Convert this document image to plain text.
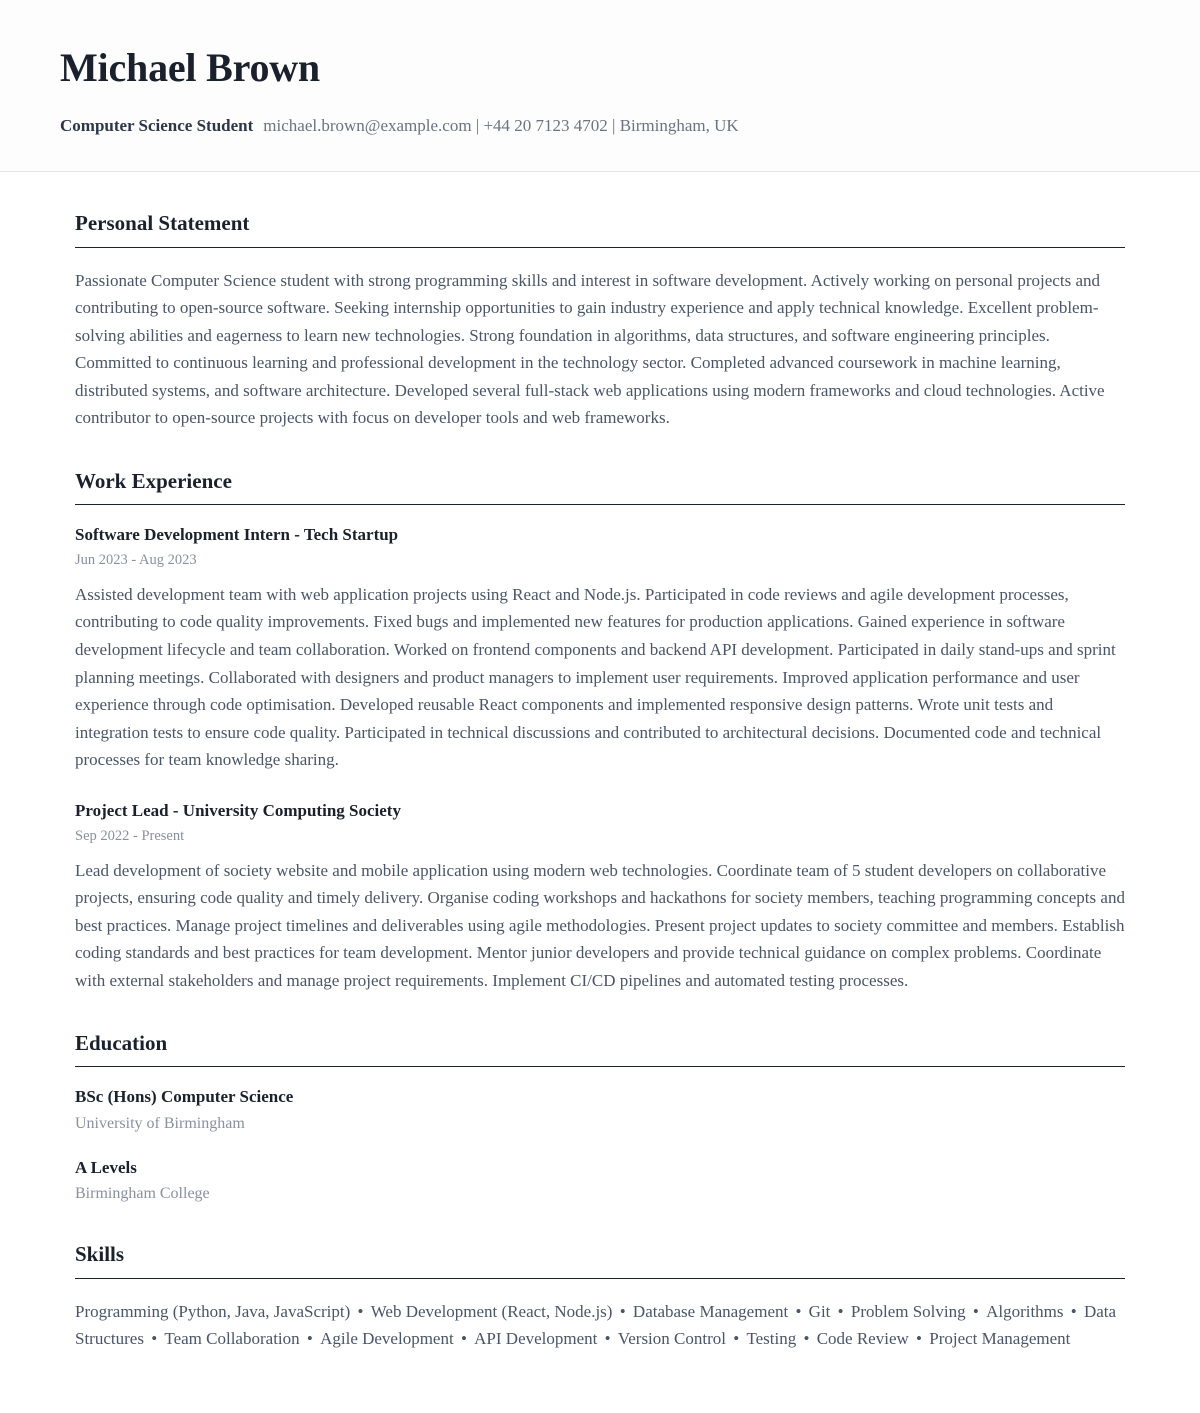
Michael Brown
Computer Science Student michael.brown@example.com | +44 20 7123 4702 | Birmingham, UK
Personal Statement

Passionate Computer Science student with strong programming skills and interest in software development. Actively working on personal projects and contributing to open-source software. Seeking internship opportunities to gain industry experience and apply technical knowledge. Excellent problem-solving abilities and eagerness to learn new technologies. Strong foundation in algorithms, data structures, and software engineering principles. Committed to continuous learning and professional development in the technology sector. Completed advanced coursework in machine learning, distributed systems, and software architecture. Developed several full-stack web applications using modern frameworks and cloud technologies. Active contributor to open-source projects with focus on developer tools and web frameworks.

Work Experience
Software Development Intern - Tech Startup
Jun 2023 - Aug 2023

Assisted development team with web application projects using React and Node.js. Participated in code reviews and agile development processes, contributing to code quality improvements. Fixed bugs and implemented new features for production applications. Gained experience in software development lifecycle and team collaboration. Worked on frontend components and backend API development. Participated in daily stand-ups and sprint planning meetings. Collaborated with designers and product managers to implement user requirements. Improved application performance and user experience through code optimisation. Developed reusable React components and implemented responsive design patterns. Wrote unit tests and integration tests to ensure code quality. Participated in technical discussions and contributed to architectural decisions. Documented code and technical processes for team knowledge sharing.

Project Lead - University Computing Society
Sep 2022 - Present

Lead development of society website and mobile application using modern web technologies. Coordinate team of 5 student developers on collaborative projects, ensuring code quality and timely delivery. Organise coding workshops and hackathons for society members, teaching programming concepts and best practices. Manage project timelines and deliverables using agile methodologies. Present project updates to society committee and members. Establish coding standards and best practices for team development. Mentor junior developers and provide technical guidance on complex problems. Coordinate with external stakeholders and manage project requirements. Implement CI/CD pipelines and automated testing processes.

Education
BSc (Hons) Computer Science
University of Birmingham
A Levels
Birmingham College
Skills

Programming (Python, Java, JavaScript) • Web Development (React, Node.js) • Database Management • Git • Problem Solving • Algorithms • Data Structures • Team Collaboration • Agile Development • API Development • Version Control • Testing • Code Review • Project Management
